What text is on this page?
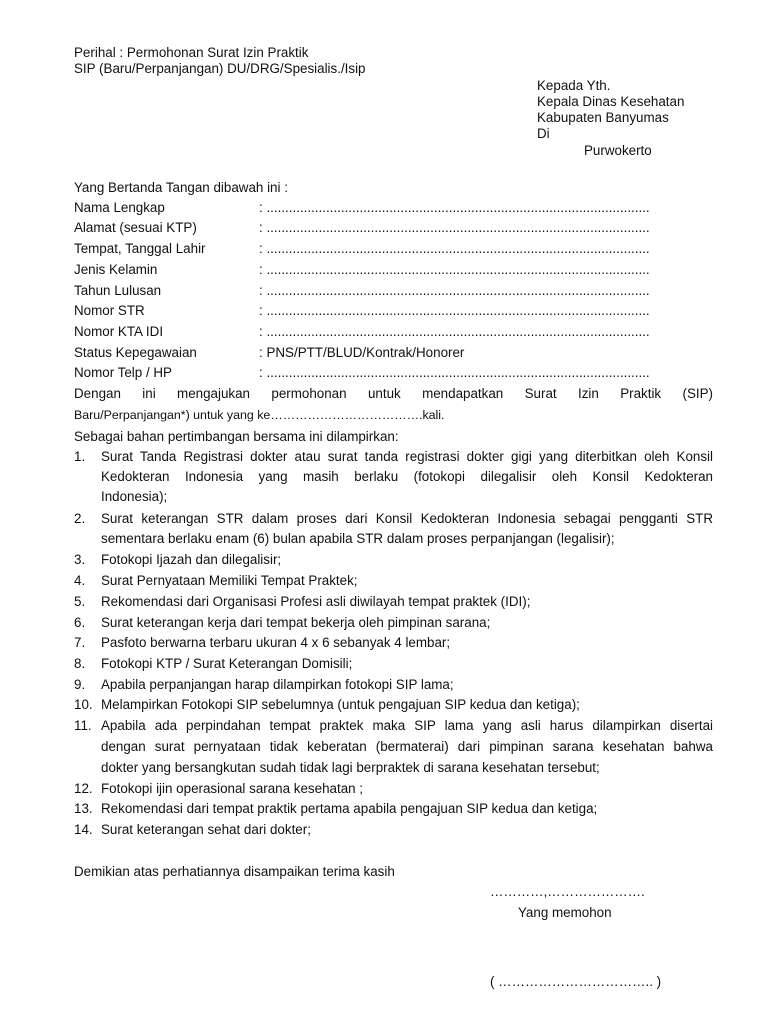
Perihal : Permohonan Surat Izin Praktik
SIP (Baru/Perpanjangan) DU/DRG/Spesialis./Isip
Kepada Yth.
Kepala Dinas Kesehatan
Kabupaten Banyumas
Di
Purwokerto
Yang Bertanda Tangan dibawah ini :
Nama Lengkap	: .......................................................................................................
Alamat (sesuai KTP)	: .......................................................................................................
Tempat, Tanggal Lahir	: .......................................................................................................
Jenis Kelamin	: .......................................................................................................
Tahun Lulusan	: .......................................................................................................
Nomor STR	: .......................................................................................................
Nomor KTA IDI	: .......................................................................................................
Status Kepegawaian	: PNS/PTT/BLUD/Kontrak/Honorer
Nomor Telp / HP	: .......................................................................................................
Dengan ini mengajukan permohonan untuk mendapatkan Surat Izin Praktik (SIP)
Baru/Perpanjangan*) untuk yang ke……………………………….kali.
Sebagai bahan pertimbangan bersama ini dilampirkan:
1. Surat Tanda Registrasi dokter atau surat tanda registrasi dokter gigi yang diterbitkan oleh Konsil
Kedokteran Indonesia yang masih berlaku (fotokopi dilegalisir oleh Konsil Kedokteran
Indonesia);
2. Surat keterangan STR dalam proses dari Konsil Kedokteran Indonesia sebagai pengganti STR
sementara berlaku enam (6) bulan apabila STR dalam proses perpanjangan (legalisir);
3. Fotokopi Ijazah dan dilegalisir;
4. Surat Pernyataan Memiliki Tempat Praktek;
5. Rekomendasi dari Organisasi Profesi asli diwilayah tempat praktek (IDI);
6. Surat keterangan kerja dari tempat bekerja oleh pimpinan sarana;
7. Pasfoto berwarna terbaru ukuran 4 x 6 sebanyak 4 lembar;
8. Fotokopi KTP / Surat Keterangan Domisili;
9. Apabila perpanjangan harap dilampirkan fotokopi SIP lama;
10. Melampirkan Fotokopi SIP sebelumnya (untuk pengajuan SIP kedua dan ketiga);
11. Apabila ada perpindahan tempat praktek maka SIP lama yang asli harus dilampirkan disertai
dengan surat pernyataan tidak keberatan (bermaterai) dari pimpinan sarana kesehatan bahwa
dokter yang bersangkutan sudah tidak lagi berpraktek di sarana kesehatan tersebut;
12. Fotokopi ijin operasional sarana kesehatan ;
13. Rekomendasi dari tempat praktik pertama apabila pengajuan SIP kedua dan ketiga;
14. Surat keterangan sehat dari dokter;
Demikian atas perhatiannya disampaikan terima kasih
…………,………………….
Yang memohon
( …………………………….. )
